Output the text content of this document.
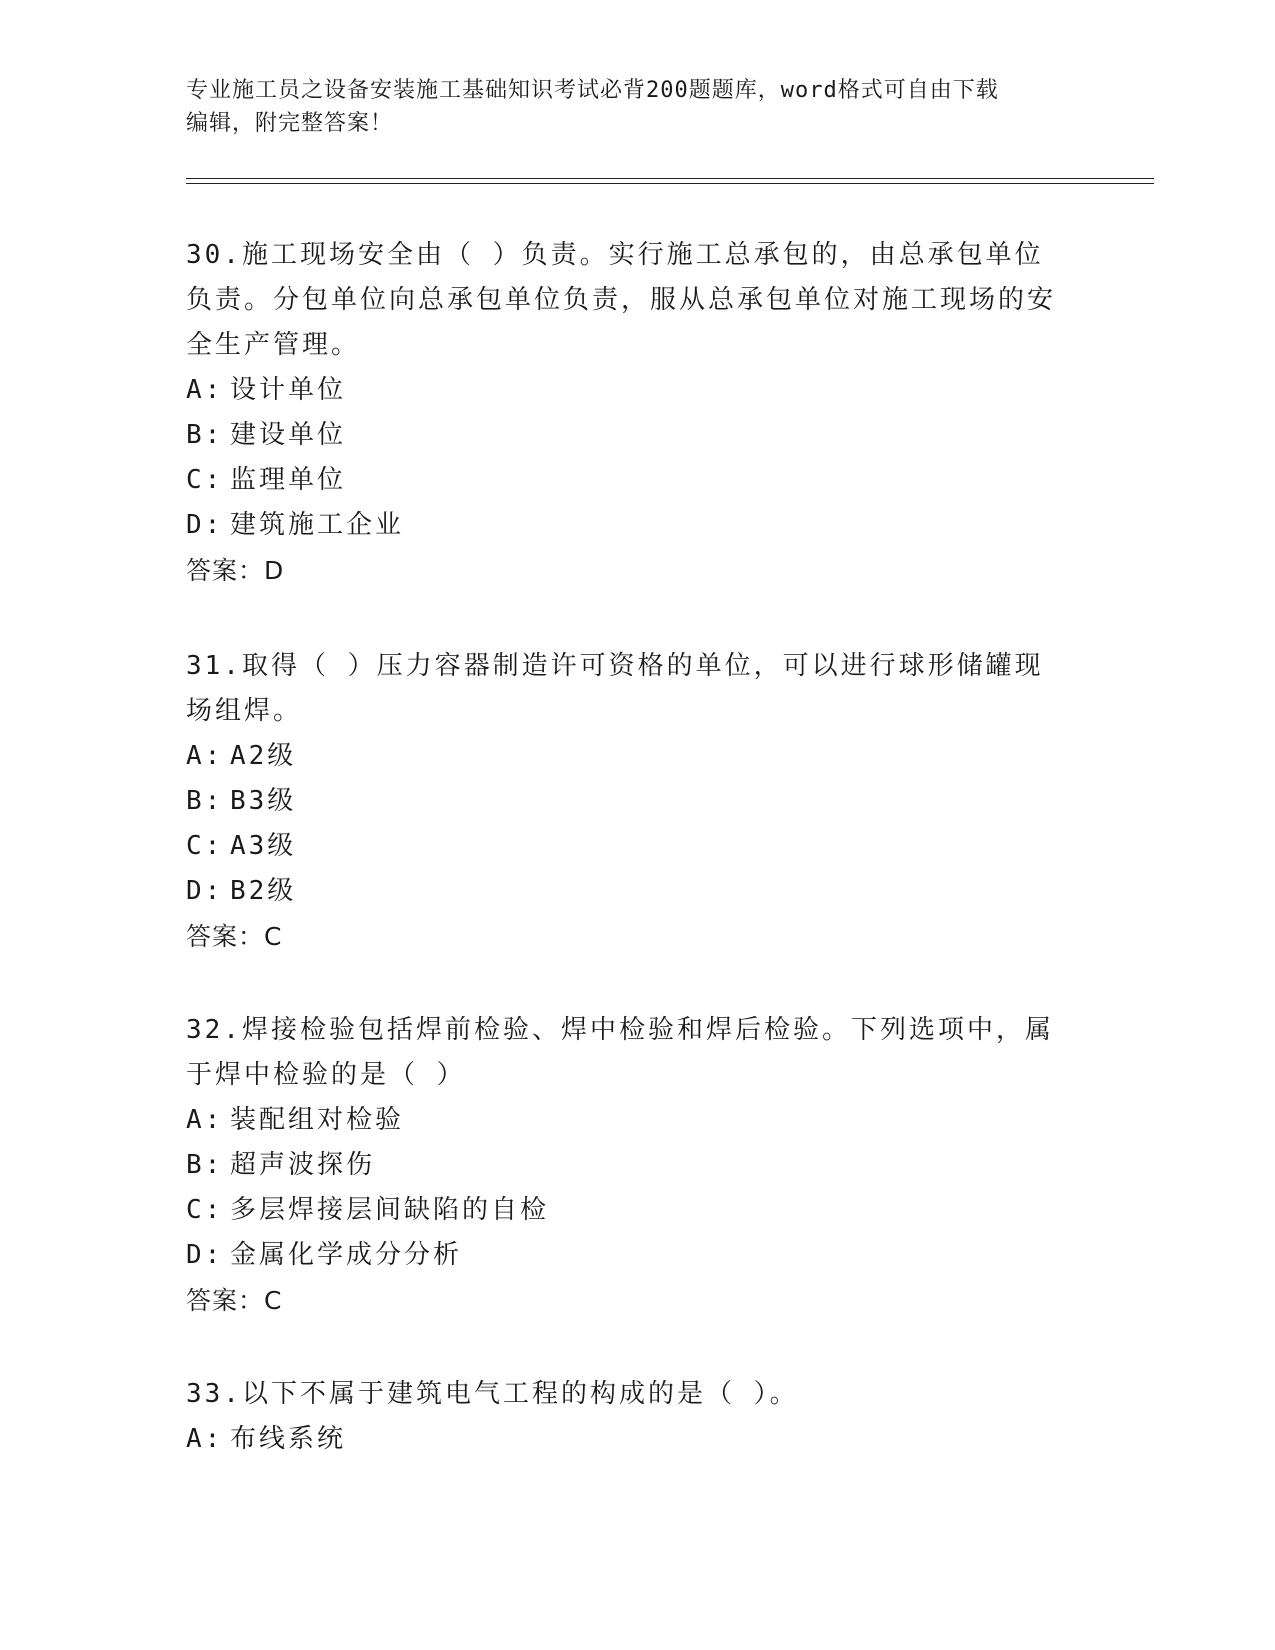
专业施工员之设备安装施工基础知识考试必背200题题库，word格式可自由下载
编辑，附完整答案！
30.施工现场安全由（ ）负责。实行施工总承包的，由总承包单位负责。分包单位向总承包单位负责，服从总承包单位对施工现场的安全生产管理。
A: 设计单位
B: 建设单位
C: 监理单位
D: 建筑施工企业
答案：D
31.取得（ ）压力容器制造许可资格的单位，可以进行球形储罐现场组焊。
A: A2级
B: B3级
C: A3级
D: B2级
答案：C
32.焊接检验包括焊前检验、焊中检验和焊后检验。下列选项中，属于焊中检验的是（ ）
A: 装配组对检验
B: 超声波探伤
C: 多层焊接层间缺陷的自检
D: 金属化学成分分析
答案：C
33.以下不属于建筑电气工程的构成的是（ ）。
A: 布线系统
